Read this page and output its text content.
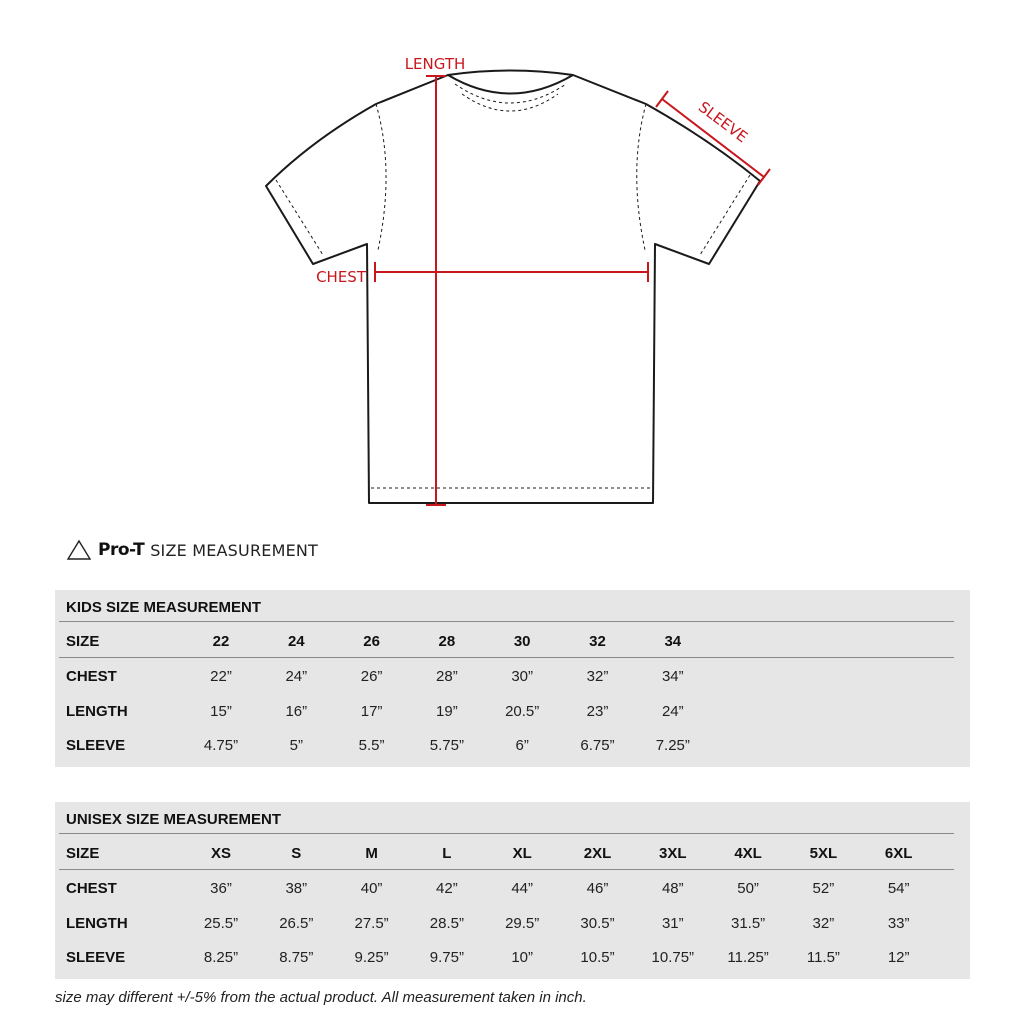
LENGTH
CHEST
SLEEVE
Pro-T SIZE MEASUREMENT
KIDS SIZE MEASUREMENT
SIZE	22	24	26	28	30	32	34
CHEST	22”	24”	26”	28”	30”	32”	34”
LENGTH	15”	16”	17”	19”	20.5”	23”	24”
SLEEVE	4.75”	5”	5.5”	5.75”	6”	6.75”	7.25”
UNISEX SIZE MEASUREMENT
SIZE	XS	S	M	L	XL	2XL	3XL	4XL	5XL	6XL
CHEST	36”	38”	40”	42”	44”	46”	48”	50”	52”	54”
LENGTH	25.5”	26.5”	27.5”	28.5”	29.5”	30.5”	31”	31.5”	32”	33”
SLEEVE	8.25”	8.75”	9.25”	9.75”	10”	10.5”	10.75”	11.25”	11.5”	12”
size may different +/-5% from the actual product. All measurement taken in inch.
